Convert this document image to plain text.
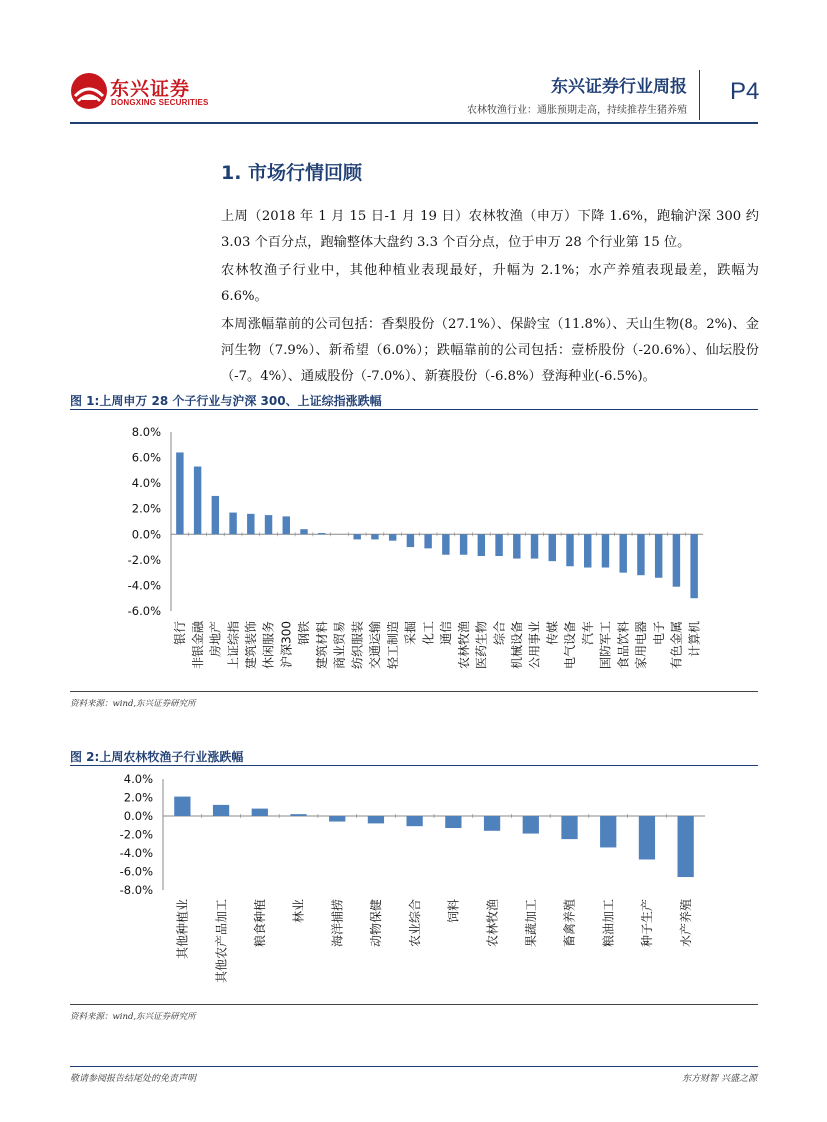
东兴证券
DONGXING SECURITIES
东兴证券行业周报
农林牧渔行业：通胀预期走高，持续推荐生猪养殖
P4
1. 市场行情回顾

上周（2018 年 1 月 15 日-1 月 19 日）农林牧渔（申万）下降 1.6%，跑输沪深 300 约 3.03 个百分点，跑输整体大盘约 3.3 个百分点，位于申万 28 个行业第 15 位。

农林牧渔子行业中，其他种植业表现最好，升幅为 2.1%；水产养殖表现最差，跌幅为 6.6%。

本周涨幅靠前的公司包括：香梨股份（27.1%）、保龄宝（11.8%）、天山生物(8。2%)、金河生物（7.9%）、新希望（6.0%）；跌幅靠前的公司包括：壹桥股份（-20.6%）、仙坛股份（-7。4%）、通威股份（-7.0%）、新赛股份（-6.8%）登海种业(-6.5%)。

图 1:上周申万 28 个子行业与沪深 300、上证综指涨跌幅
8.0%
6.0%
4.0%
2.0%
0.0%
-2.0%
-4.0%
-6.0%
银行 非银金融 房地产 上证综指 建筑装饰 休闲服务 沪深300 钢铁 建筑材料 商业贸易 纺织服装 交通运输 轻工制造 采掘 化工 通信 农林牧渔 医药生物 综合 机械设备 公用事业 传媒 电气设备 汽车 国防军工 食品饮料 家用电器 电子 有色金属 计算机
资料来源：wind,东兴证券研究所
图 2:上周农林牧渔子行业涨跌幅
4.0%
2.0%
0.0%
-2.0%
-4.0%
-6.0%
-8.0%
其他种植业 其他农产品加工 粮食种植 林业 海洋捕捞 动物保健 农业综合 饲料 农林牧渔 果蔬加工 畜禽养殖 粮油加工 种子生产 水产养殖
资料来源：wind,东兴证券研究所
敬请参阅报告结尾处的免责声明	东方财智 兴盛之源
